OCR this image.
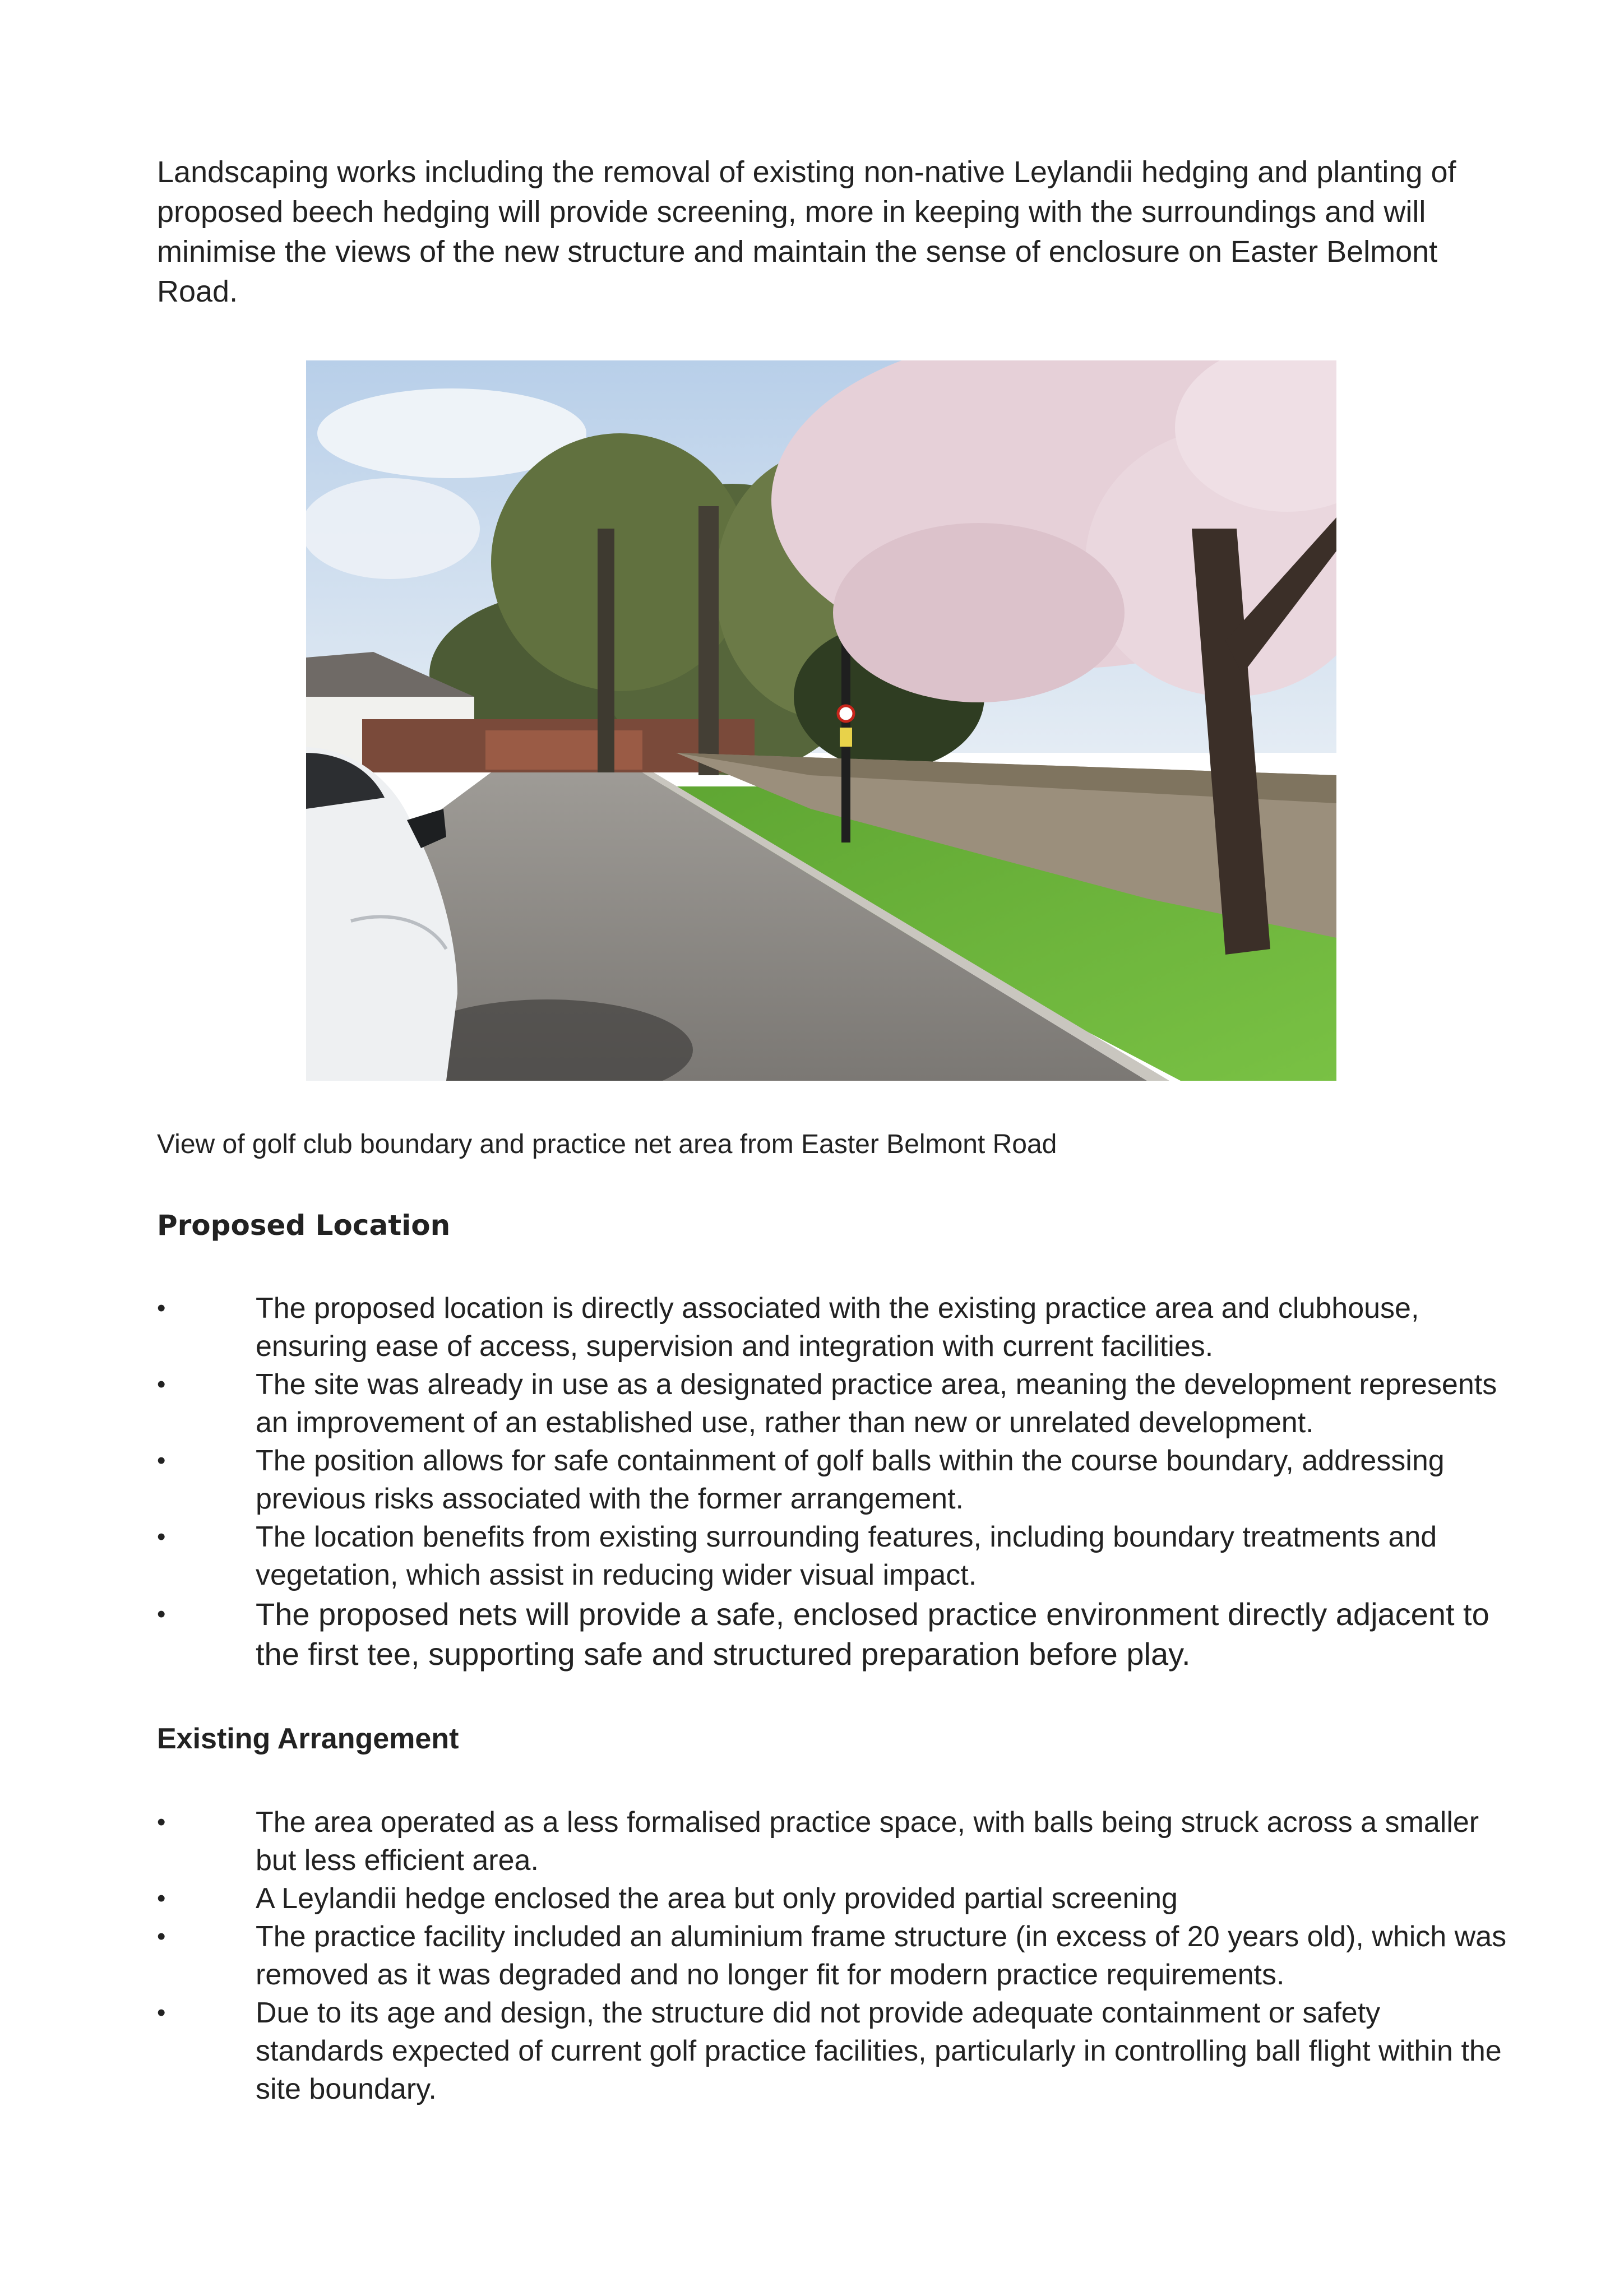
Landscaping works including the removal of existing non-native Leylandii hedging and planting of proposed beech hedging will provide screening, more in keeping with the surroundings and will minimise the views of the new structure and maintain the sense of enclosure on Easter Belmont Road.

View of golf club boundary and practice net area from Easter Belmont Road

Proposed Location
•	The proposed location is directly associated with the existing practice area and clubhouse, ensuring ease of access, supervision and integration with current facilities.
•	The site was already in use as a designated practice area, meaning the development represents an improvement of an established use, rather than new or unrelated development.
•	The position allows for safe containment of golf balls within the course boundary, addressing previous risks associated with the former arrangement.
•	The location benefits from existing surrounding features, including boundary treatments and vegetation, which assist in reducing wider visual impact.
•	The proposed nets will provide a safe, enclosed practice environment directly adjacent to the first tee, supporting safe and structured preparation before play.
Existing Arrangement
•	The area operated as a less formalised practice space, with balls being struck across a smaller but less efficient area.
•	A Leylandii hedge enclosed the area but only provided partial screening
•	The practice facility included an aluminium frame structure (in excess of 20 years old), which was removed as it was degraded and no longer fit for modern practice requirements.
•	Due to its age and design, the structure did not provide adequate containment or safety standards expected of current golf practice facilities, particularly in controlling ball flight within the site boundary.
